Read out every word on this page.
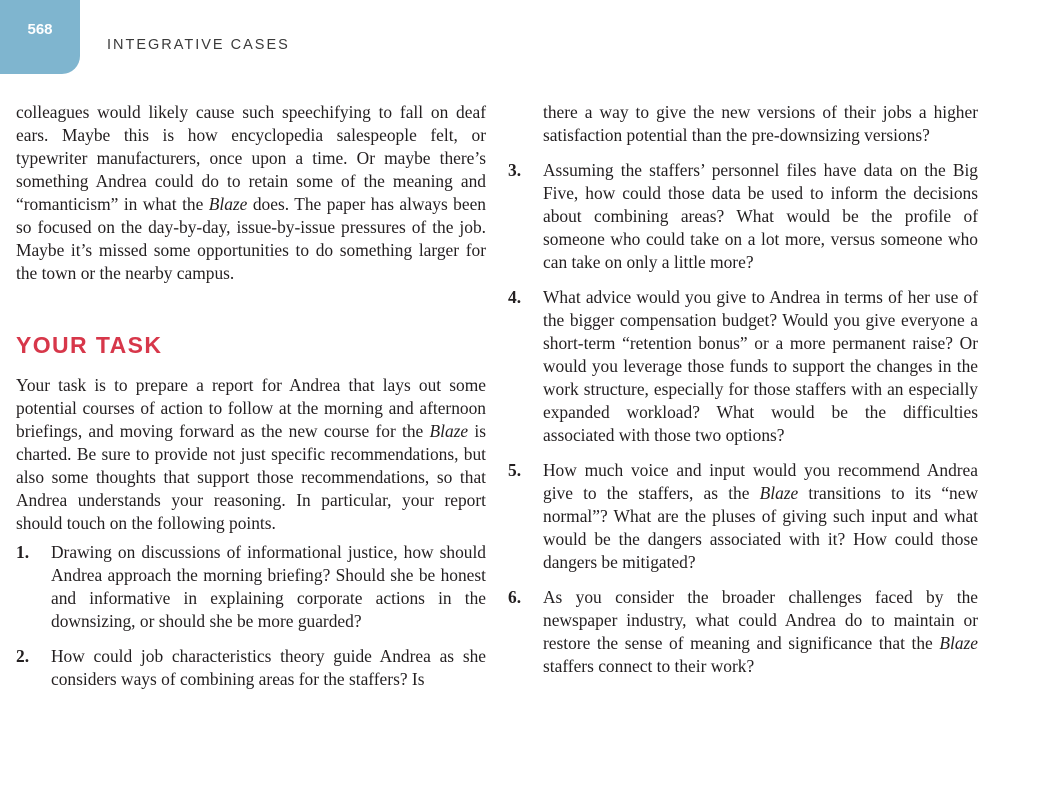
568
INTEGRATIVE CASES

colleagues would likely cause such speechifying to fall on deaf ears. Maybe this is how encyclopedia salespeople felt, or typewriter manufacturers, once upon a time. Or maybe there’s something Andrea could do to retain some of the meaning and “romanticism” in what the Blaze does. The paper has always been so focused on the day-by-day, issue-by-issue pressures of the job. Maybe it’s missed some opportunities to do something larger for the town or the nearby campus.

YOUR TASK

Your task is to prepare a report for Andrea that lays out some potential courses of action to follow at the morning and afternoon briefings, and moving forward as the new course for the Blaze is charted. Be sure to provide not just specific recommendations, but also some thoughts that support those recommendations, so that Andrea understands your reasoning. In particular, your report should touch on the following points.

1.	Drawing on discussions of informational justice, how should Andrea approach the morning briefing? Should she be honest and informative in explaining corporate actions in the downsizing, or should she be more guarded?
2.	How could job characteristics theory guide Andrea as she considers ways of combining areas for the staffers? Is
there a way to give the new versions of their jobs a higher satisfaction potential than the pre-downsizing versions?
3.	Assuming the staffers’ personnel files have data on the Big Five, how could those data be used to inform the decisions about combining areas? What would be the profile of someone who could take on a lot more, versus someone who can take on only a little more?
4.	What advice would you give to Andrea in terms of her use of the bigger compensation budget? Would you give everyone a short-term “retention bonus” or a more permanent raise? Or would you leverage those funds to support the changes in the work structure, especially for those staffers with an especially expanded workload? What would be the difficulties associated with those two options?
5.	How much voice and input would you recommend Andrea give to the staffers, as the Blaze transitions to its “new normal”? What are the pluses of giving such input and what would be the dangers associated with it? How could those dangers be mitigated?
6.	As you consider the broader challenges faced by the newspaper industry, what could Andrea do to maintain or restore the sense of meaning and significance that the Blaze staffers connect to their work?
